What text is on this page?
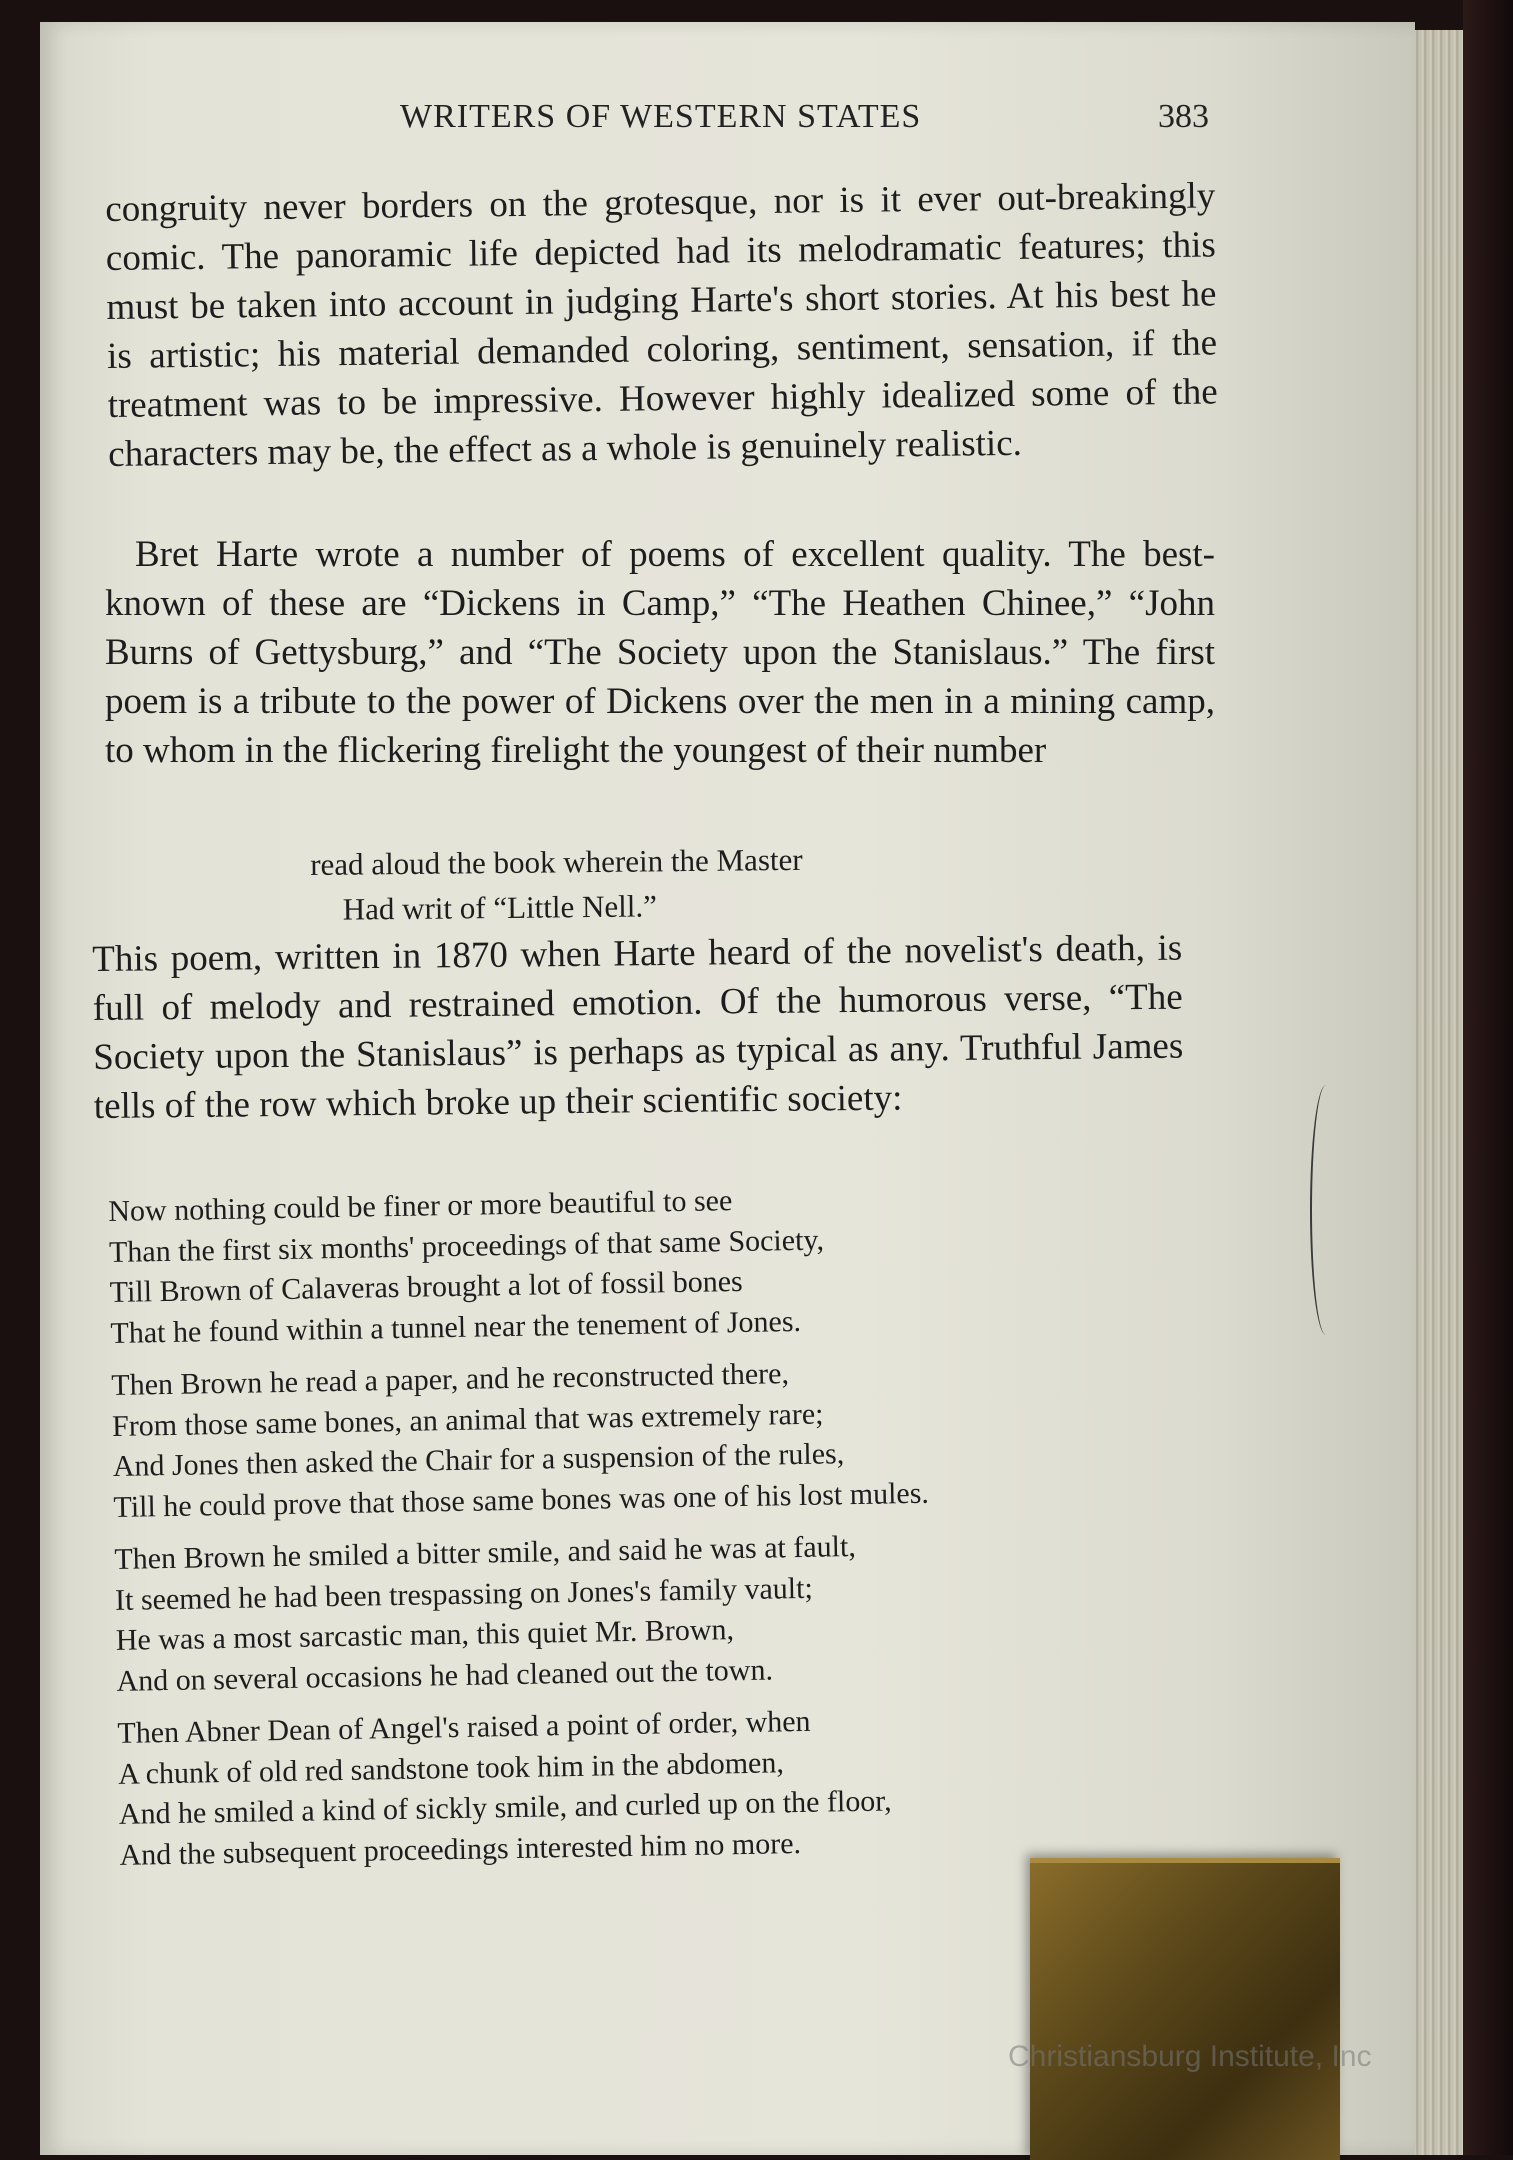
WRITERS OF WESTERN STATES	383

congruity never borders on the grotesque, nor is it ever out-breakingly comic. The panoramic life depicted had its melodramatic features; this must be taken into account in judging Harte's short stories. At his best he is artistic; his material demanded coloring, sentiment, sensation, if the treatment was to be impressive. However highly idealized some of the characters may be, the effect as a whole is genuinely realistic.

Bret Harte wrote a number of poems of excellent quality. The best-known of these are “Dickens in Camp,” “The Heathen Chinee,” “John Burns of Gettysburg,” and “The Society upon the Stanislaus.” The first poem is a tribute to the power of Dickens over the men in a mining camp, to whom in the flickering firelight the youngest of their number

read aloud the book wherein the Master
Had writ of “Little Nell.”

This poem, written in 1870 when Harte heard of the novelist's death, is full of melody and restrained emotion. Of the humorous verse, “The Society upon the Stanislaus” is perhaps as typical as any. Truthful James tells of the row which broke up their scientific society:

Now nothing could be finer or more beautiful to see
Than the first six months' proceedings of that same Society,
Till Brown of Calaveras brought a lot of fossil bones
That he found within a tunnel near the tenement of Jones.
Then Brown he read a paper, and he reconstructed there,
From those same bones, an animal that was extremely rare;
And Jones then asked the Chair for a suspension of the rules,
Till he could prove that those same bones was one of his lost mules.
Then Brown he smiled a bitter smile, and said he was at fault,
It seemed he had been trespassing on Jones's family vault;
He was a most sarcastic man, this quiet Mr. Brown,
And on several occasions he had cleaned out the town.
Then Abner Dean of Angel's raised a point of order, when
A chunk of old red sandstone took him in the abdomen,
And he smiled a kind of sickly smile, and curled up on the floor,
And the subsequent proceedings interested him no more.
Christiansburg Institute, Inc
